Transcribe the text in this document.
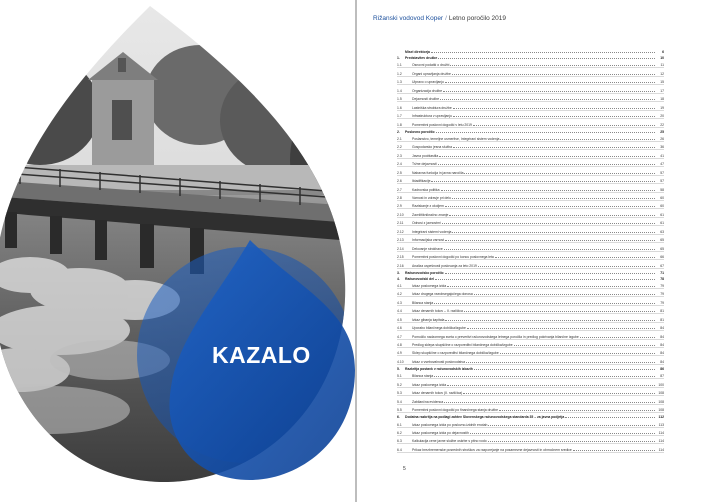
KAZALO
Rižanski vodovod Koper / Letno poročilo 2019
Misel direktorja	6
1.	Predstavitev družbe	10
1.1	Osnovni podatki o družbi	11
1.2	Organi upravljanja družbe	12
1.3	Ulpravo o upravljanju	15
1.4	Organizacija družbe	17
1.5	Dejavnosti družbe	18
1.6	Lastniška struktura družbe	19
1.7	Infrastruktura v upravljanju	20
1.8	Pomembni poslovni dogodki v letu 2019	22
2.	Poslovno poročilo	25
2.1	Poslanstvo, temeljne usmeritve, Integrirani sistem vodenja	26
2.2	Gospodarsko jesna služba	36
2.3	Javna pooblastila	41
2.4	Tržne dejavnosti	47
2.5	Nabavna funkcija in javna naročila	57
2.6	Iktadifikacije	57
2.7	Kadrovska politika	58
2.8	Varnost in zdravje pri delu	60
2.9	Raziskanje z okoljem	60
2.10	Zavržitiknikračno znanje	61
2.11	Odnosi z javnostmi	61
2.12	Integrirani sistemi vodenja	63
2.13	Informacijska varnost	65
2.14	Delovanje strokhave	65
2.15	Pomembni poslovni dogodki po koncu poslovnega leta	66
2.16	Analiza uspešnosti poslovanja za leto 2019	67
3.	Računovodsko poročilo	71
4.	Računovodski del	78
4.1	Izkaz poslovnega izida	79
4.2	Izkaz drugega vseobsegajočega donosa	79
4.3	Bilanca stanja	79
4.4	Izkaz denarnih tokov – II. različica	81
4.5	Izkaz gibanja kapitala	81
4.6	Uporabo bilančnega dobička/izgube	84
4.7	Pomočilo nadzornega sveta o preveritvi računovodskega letnega poročila in predlog pokrivanja bilančne izgube	84
4.8	Predlog sklepa skupščine o razporeditvi bilančnega dobička/izgube	84
4.9	Sklep skupščine o razporeditvi bilančnega dobička/izgube	84
4.10	Izkaz o vsebovalnosti poslovodstva	84
5.	Razkritja postavk v računovodskih izkazih	86
5.1	Bilanca stanja	87
5.2	Izkaz poslovnega izida	100
5.3	Izkaz denarnih tokov (II. različica)	108
5.4	Zabilančna evidenca	108
5.5	Pomembni poslovni dogodki po finančnega stanja družbe	108
6.	Dodatna razkritja na podlagi zahtev Slovenskega računovodskega standarda 35 – za javna podjetja	112
6.1	Izkaz poslovnega izida po poslovno-izidnih enotah	113
6.2	Izkaz poslovnega izida po dejavnostih	114
6.3	Kalkulacija cene javne službe oskrbe s pitno vodo	114
6.4	Prikaz brezbremenske posrednih stroškov za razporejanje na posamezne dejavnosti in območnem sredice	114
5
